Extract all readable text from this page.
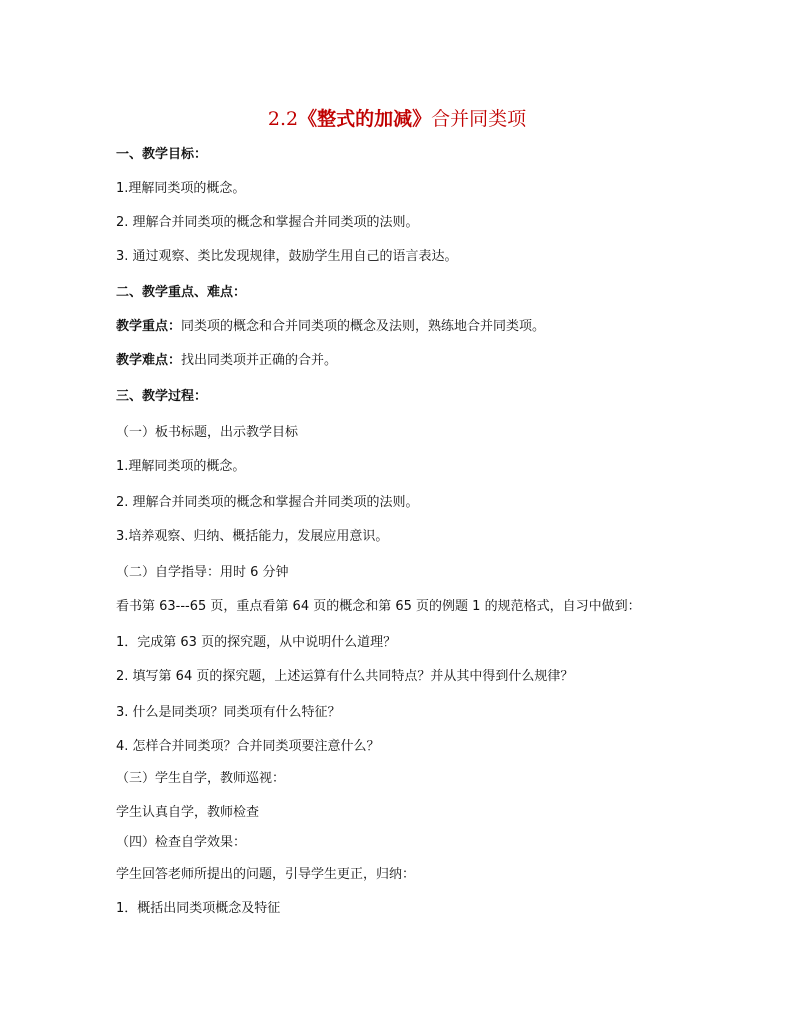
2.2《整式的加减》合并同类项
一、教学目标：
1.理解同类项的概念。
2. 理解合并同类项的概念和掌握合并同类项的法则。
3. 通过观察、类比发现规律，鼓励学生用自己的语言表达。
二、教学重点、难点：
教学重点：同类项的概念和合并同类项的概念及法则，熟练地合并同类项。
教学难点：找出同类项并正确的合并。
三、教学过程：
（一）板书标题，出示教学目标
1.理解同类项的概念。
2. 理解合并同类项的概念和掌握合并同类项的法则。
3.培养观察、归纳、概括能力，发展应用意识。
（二）自学指导：用时 6 分钟
看书第 63---65 页，重点看第 64 页的概念和第 65 页的例题 1 的规范格式，自习中做到：
1．完成第 63 页的探究题，从中说明什么道理？
2. 填写第 64 页的探究题，上述运算有什么共同特点？并从其中得到什么规律？
3. 什么是同类项？同类项有什么特征？
4. 怎样合并同类项？合并同类项要注意什么？
（三）学生自学，教师巡视：
学生认真自学，教师检查
（四）检查自学效果：
学生回答老师所提出的问题，引导学生更正，归纳：
1．概括出同类项概念及特征
